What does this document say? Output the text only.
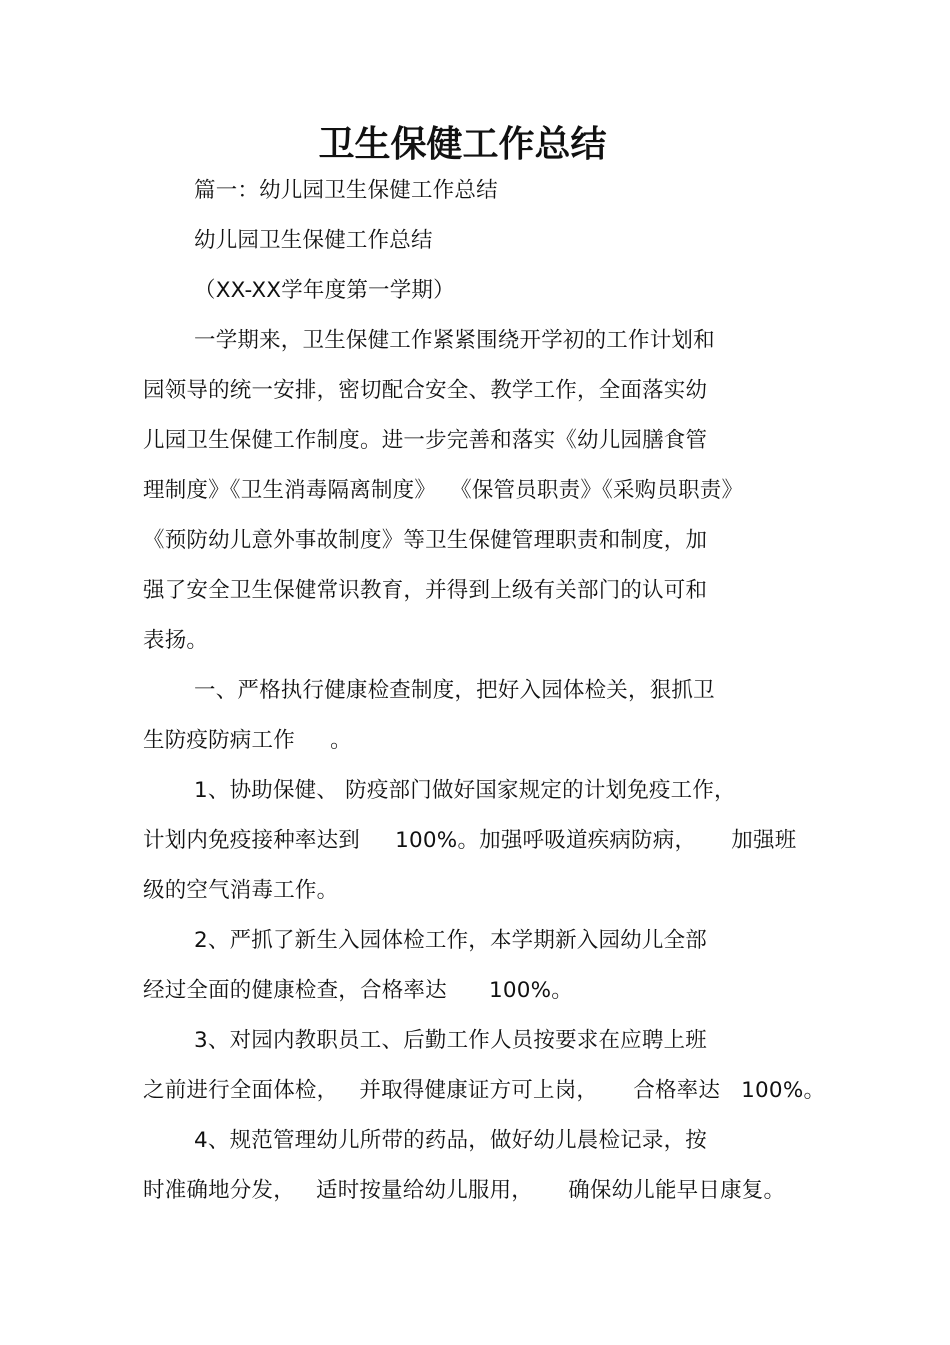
卫生保健工作总结

篇一：幼儿园卫生保健工作总结

幼儿园卫生保健工作总结

（XX-XX学年度第一学期）

一学期来，卫生保健工作紧紧围绕开学初的工作计划和

园领导的统一安排，密切配合安全、教学工作，全面落实幼

儿园卫生保健工作制度。进一步完善和落实《幼儿园膳食管

理制度》《卫生消毒隔离制度》  《保管员职责》《采购员职责》

《预防幼儿意外事故制度》等卫生保健管理职责和制度，加

强了安全卫生保健常识教育，并得到上级有关部门的认可和

表扬。

一、严格执行健康检查制度，把好入园体检关，狠抓卫

生防疫防病工作     。

1、协助保健、 防疫部门做好国家规定的计划免疫工作，

计划内免疫接种率达到     100%。加强呼吸道疾病防病，     加强班

级的空气消毒工作。

2、严抓了新生入园体检工作，本学期新入园幼儿全部

经过全面的健康检查，合格率达      100%。

3、对园内教职员工、后勤工作人员按要求在应聘上班

之前进行全面体检，   并取得健康证方可上岗，     合格率达   100%。

4、规范管理幼儿所带的药品，做好幼儿晨检记录，按

时准确地分发，   适时按量给幼儿服用，     确保幼儿能早日康复。
